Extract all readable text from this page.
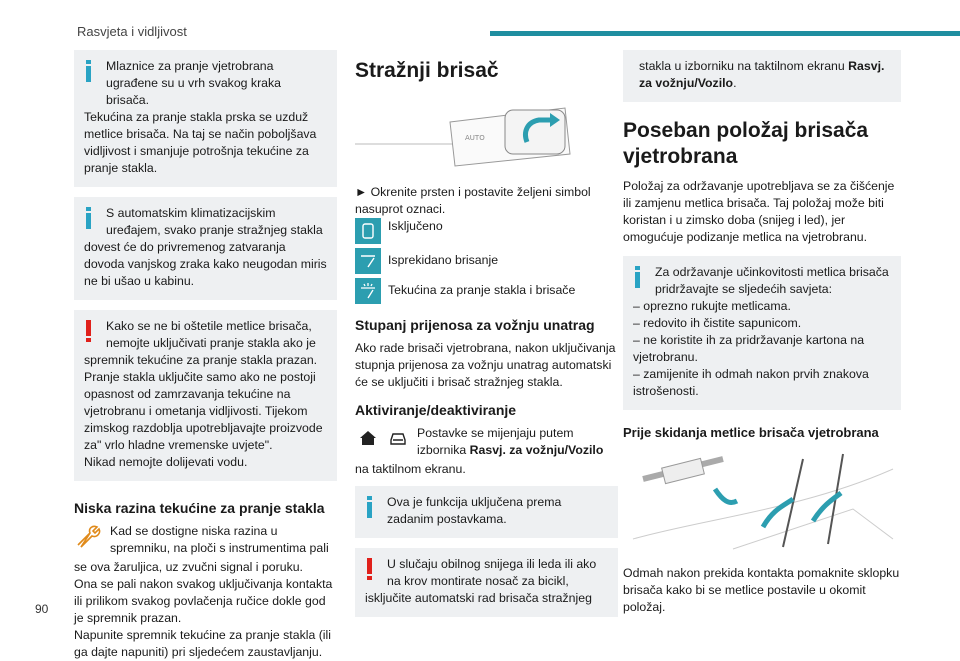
Rasvjeta i vidljivost
90
Mlaznice za pranje vjetrobrana ugrađene su u vrh svakog kraka brisača.
Tekućina za pranje stakla prska se uzduž metlice brisača. Na taj se način poboljšava vidljivost i smanjuje potrošnja tekućine za pranje stakla.
S automatskim klimatizacijskim uređajem, svako pranje stražnjeg stakla
dovest će do privremenog zatvaranja dovoda vanjskog zraka kako neugodan miris ne bi ušao u kabinu.
Kako se ne bi oštetile metlice brisača, nemojte uključivati pranje stakla ako je
spremnik tekućine za pranje stakla prazan. Pranje stakla uključite samo ako ne postoji opasnost od zamrzavanja tekućine na vjetrobranu i ometanja vidljivosti. Tijekom zimskog razdoblja upotrebljavajte proizvode za" vrlo hladne vremenske uvjete".
Nikad nemojte dolijevati vodu.
Niska razina tekućine za pranje stakla

Kad se dostigne niska razina u spremniku, na ploči s instrumentima pali

se ova žaruljica, uz zvučni signal i poruku.

Ona se pali nakon svakog uključivanja kontakta ili prilikom svakog povlačenja ručice dokle god je spremnik prazan.

Napunite spremnik tekućine za pranje stakla (ili ga dajte napuniti) pri sljedećem zaustavljanju.

Stražnji brisač
AUTO

► Okrenite prsten i postavite željeni simbol nasuprot oznaci.

Isključeno

Isprekidano brisanje

Tekućina za pranje stakla i brisače

Stupanj prijenosa za vožnju unatrag

Ako rade brisači vjetrobrana, nakon uključivanja stupnja prijenosa za vožnju unatrag automatski će se uključiti i brisač stražnjeg stakla.

Aktiviranje/deaktiviranje

Postavke se mijenjaju putem izbornika Rasvj. za vožnju/Vozilo

na taktilnom ekranu.

Ova je funkcija uključena prema zadanim postavkama.
U slučaju obilnog snijega ili leda ili ako na krov montirate nosač za bicikl,
isključite automatski rad brisača stražnjeg
stakla u izborniku na taktilnom ekranu Rasvj. za vožnju/Vozilo.
Poseban položaj brisača vjetrobrana

Položaj za održavanje upotrebljava se za čišćenje ili zamjenu metlica brisača. Taj položaj može biti koristan i u zimsko doba (snijeg i led), jer omogućuje podizanje metlica na vjetrobranu.

Za održavanje učinkovitosti metlica brisača pridržavajte se sljedećih savjeta:
– oprezno rukujte metlicama.
– redovito ih čistite sapunicom.
– ne koristite ih za pridržavanje kartona na vjetrobranu.
– zamijenite ih odmah nakon prvih znakova istrošenosti.
Prije skidanja metlice brisača vjetrobrana

Odmah nakon prekida kontakta pomaknite sklopku brisača kako bi se metlice postavile u okomit položaj.
